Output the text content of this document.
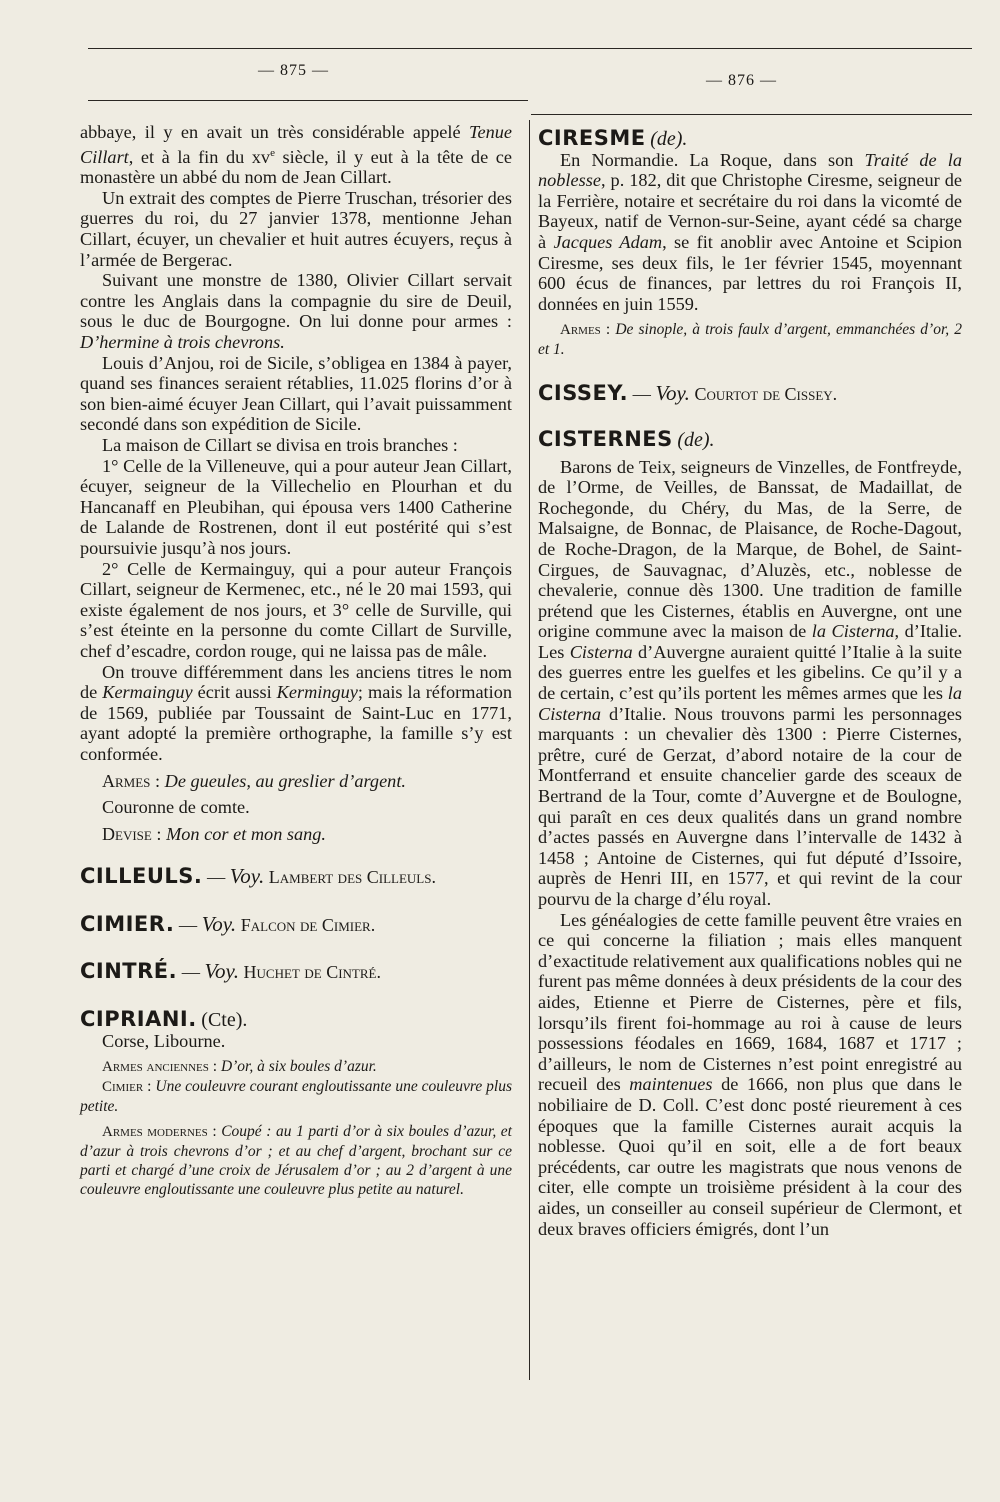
— 875 —
— 876 —

abbaye, il y en avait un très considérable appelé Tenue Cillart, et à la fin du $xv^e$ siècle, il y eut à la tête de ce monastère un abbé du nom de Jean Cillart.

Un extrait des comptes de Pierre Truschan, trésorier des guerres du roi, du 27 janvier 1378, mentionne Jehan Cillart, écuyer, un chevalier et huit autres écuyers, reçus à l’armée de Bergerac.

Suivant une monstre de 1380, Olivier Cillart servait contre les Anglais dans la compagnie du sire de Deuil, sous le duc de Bourgogne. On lui donne pour armes : D’hermine à trois chevrons.

Louis d’Anjou, roi de Sicile, s’obligea en 1384 à payer, quand ses finances seraient rétablies, 11.025 florins d’or à son bien-aimé écuyer Jean Cillart, qui l’avait puissamment secondé dans son expédition de Sicile.

La maison de Cillart se divisa en trois branches :

1° Celle de la Villeneuve, qui a pour auteur Jean Cillart, écuyer, seigneur de la Villechelio en Plourhan et du Hancanaff en Pleubihan, qui épousa vers 1400 Catherine de Lalande de Rostrenen, dont il eut postérité qui s’est poursuivie jusqu’à nos jours.

2° Celle de Kermainguy, qui a pour auteur François Cillart, seigneur de Kermenec, etc., né le 20 mai 1593, qui existe également de nos jours, et 3° celle de Surville, qui s’est éteinte en la personne du comte Cillart de Surville, chef d’escadre, cordon rouge, qui ne laissa pas de mâle.

On trouve différemment dans les anciens titres le nom de Kermainguy écrit aussi Kerminguy; mais la réformation de 1569, publiée par Toussaint de Saint-Luc en 1771, ayant adopté la première orthographe, la famille s’y est conformée.

Armes : De gueules, au greslier d’argent.

Couronne de comte.

Devise : Mon cor et mon sang.

CILLEULS. — Voy. Lambert des Cilleuls.

CIMIER. — Voy. Falcon de Cimier.

CINTRÉ. — Voy. Huchet de Cintré.

CIPRIANI. (Cte).

Corse, Libourne.

Armes anciennes : D’or, à six boules d’azur.

Cimier : Une couleuvre courant engloutissante une couleuvre plus petite.

Armes modernes : Coupé : au 1 parti d’or à six boules d’azur, et d’azur à trois chevrons d’or ; et au chef d’argent, brochant sur ce parti et chargé d’une croix de Jérusalem d’or ; au 2 d’argent à une couleuvre engloutissante une couleuvre plus petite au naturel.

CIRESME (de).

En Normandie. La Roque, dans son Traité de la noblesse, p. 182, dit que Christophe Ciresme, seigneur de la Ferrière, notaire et secrétaire du roi dans la vicomté de Bayeux, natif de Vernon-sur-Seine, ayant cédé sa charge à Jacques Adam, se fit anoblir avec Antoine et Scipion Ciresme, ses deux fils, le 1er février 1545, moyennant 600 écus de finances, par lettres du roi François II, données en juin 1559.

Armes : De sinople, à trois faulx d’argent, emmanchées d’or, 2 et 1.

CISSEY. — Voy. Courtot de Cissey.

CISTERNES (de).

Barons de Teix, seigneurs de Vinzelles, de Fontfreyde, de l’Orme, de Veilles, de Banssat, de Madaillat, de Rochegonde, du Chéry, du Mas, de la Serre, de Malsaigne, de Bonnac, de Plaisance, de Roche-Dagout, de Roche-Dragon, de la Marque, de Bohel, de Saint-Cirgues, de Sauvagnac, d’Aluzès, etc., noblesse de chevalerie, connue dès 1300. Une tradition de famille prétend que les Cisternes, établis en Auvergne, ont une origine commune avec la maison de la Cisterna, d’Italie. Les Cisterna d’Auvergne auraient quitté l’Italie à la suite des guerres entre les guelfes et les gibelins. Ce qu’il y a de certain, c’est qu’ils portent les mêmes armes que les la Cisterna d’Italie. Nous trouvons parmi les personnages marquants : un chevalier dès 1300 : Pierre Cisternes, prêtre, curé de Gerzat, d’abord notaire de la cour de Montferrand et ensuite chancelier garde des sceaux de Bertrand de la Tour, comte d’Auvergne et de Boulogne, qui paraît en ces deux qualités dans un grand nombre d’actes passés en Auvergne dans l’intervalle de 1432 à 1458 ; Antoine de Cisternes, qui fut député d’Issoire, auprès de Henri III, en 1577, et qui revint de la cour pourvu de la charge d’élu royal.

Les généalogies de cette famille peuvent être vraies en ce qui concerne la filiation ; mais elles manquent d’exactitude relativement aux qualifications nobles qui ne furent pas même données à deux présidents de la cour des aides, Etienne et Pierre de Cisternes, père et fils, lorsqu’ils firent foi-hommage au roi à cause de leurs possessions féodales en 1669, 1684, 1687 et 1717 ; d’ailleurs, le nom de Cisternes n’est point enregistré au recueil des maintenues de 1666, non plus que dans le nobiliaire de D. Coll. C’est donc posté rieurement à ces époques que la famille Cisternes aurait acquis la noblesse. Quoi qu’il en soit, elle a de fort beaux précédents, car outre les magistrats que nous venons de citer, elle compte un troisième président à la cour des aides, un conseiller au conseil supérieur de Clermont, et deux braves officiers émigrés, dont l’un
